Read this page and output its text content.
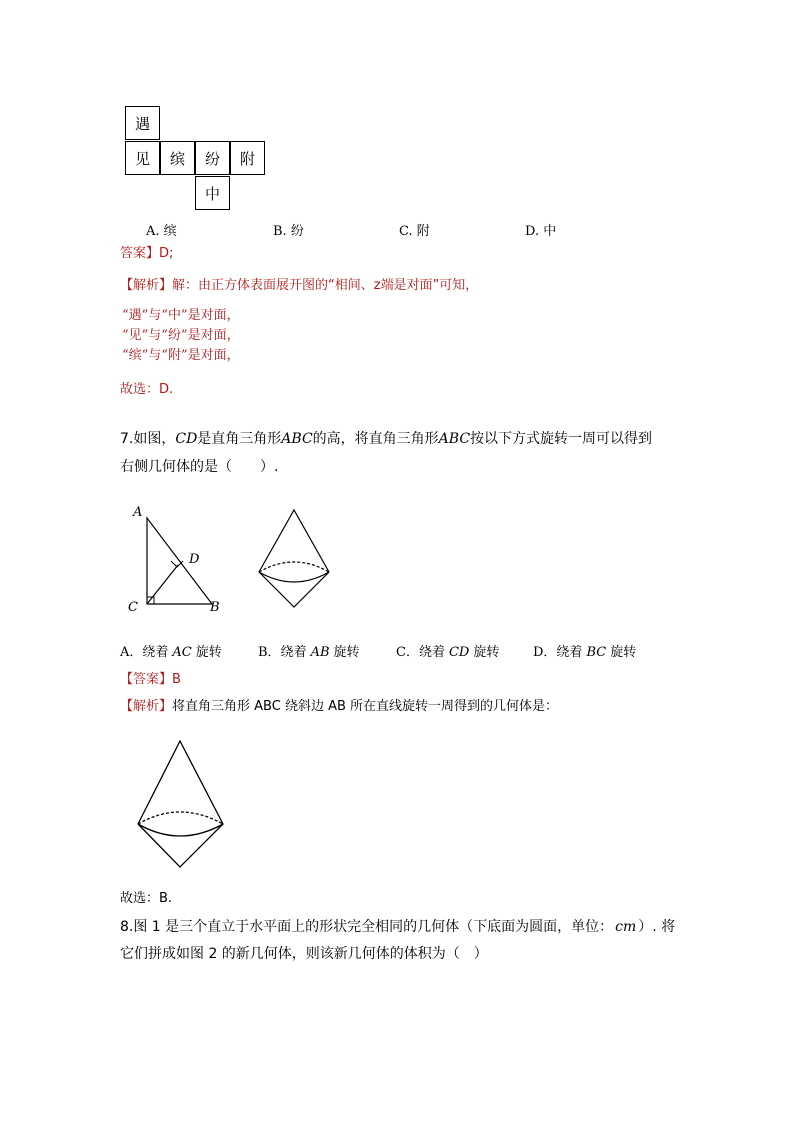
遇
见	缤	纷	附
中
A. 缤	B. 纷	C. 附	D. 中
答案】D;
【解析】解：由正方体表面展开图的“相间、z端是对面”可知，
“遇”与“中”是对面，
“见”与“纷”是对面，
“缤”与“附”是对面，
故选：D.
7.如图，CD是直角三角形ABC的高，将直角三角形ABC按以下方式旋转一周可以得到
右侧几何体的是（　　）.
A
D
C	B
A．绕着 AC 旋转	B．绕着 AB 旋转	C．绕着 CD 旋转	D．绕着 BC 旋转
【答案】B
【解析】将直角三角形 ABC 绕斜边 AB 所在直线旋转一周得到的几何体是：
故选：B.
8.图 1 是三个直立于水平面上的形状完全相同的几何体（下底面为圆面，单位： cm ）. 将
它们拼成如图 2 的新几何体，则该新几何体的体积为（　）
